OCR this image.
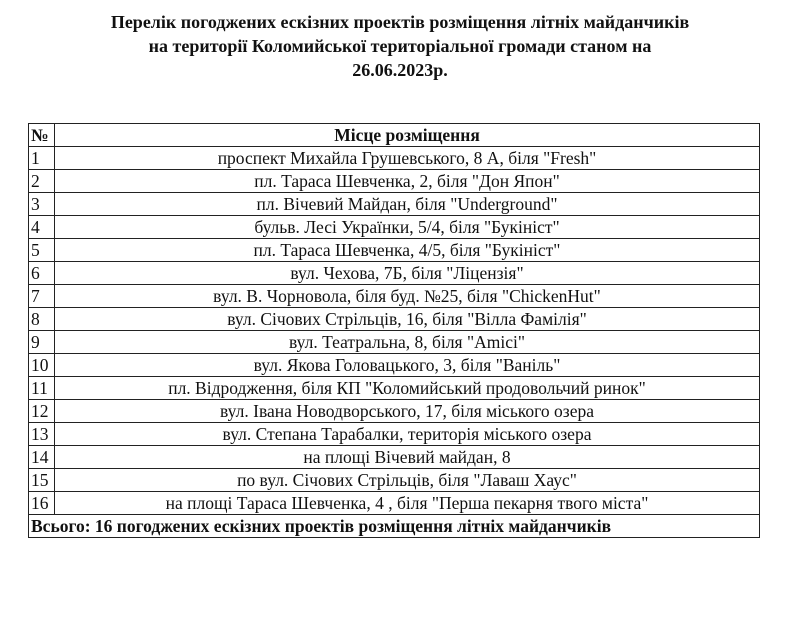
Перелік погоджених ескізних проектів розміщення літніх майданчиків
на території Коломийської територіальної громади станом на
26.06.2023р.
№	Місце розміщення
1	проспект Михайла Грушевського, 8 А, біля "Fresh"
2	пл. Тараса Шевченка, 2, біля "Дон Япон"
3	пл. Вічевий Майдан, біля "Underground"
4	бульв. Лесі Українки, 5/4, біля "Букініст"
5	пл. Тараса Шевченка, 4/5, біля "Букініст"
6	вул. Чехова, 7Б, біля "Ліцензія"
7	вул. В. Чорновола, біля буд. №25, біля "ChickenHut"
8	вул. Січових Стрільців, 16, біля "Вілла Фамілія"
9	вул. Театральна, 8, біля "Amici"
10	вул. Якова Головацького, 3, біля "Ваніль"
11	пл. Відродження, біля КП "Коломийський продовольчий ринок"
12	вул. Івана Новодворського, 17, біля міського озера
13	вул. Степана Тарабалки, територія міського озера
14	на площі Вічевий майдан, 8
15	по вул. Січових Стрільців, біля "Лаваш Хаус"
16	на площі Тараса Шевченка, 4 , біля "Перша пекарня твого міста"
Всього: 16 погоджених ескізних проектів розміщення літніх майданчиків	
